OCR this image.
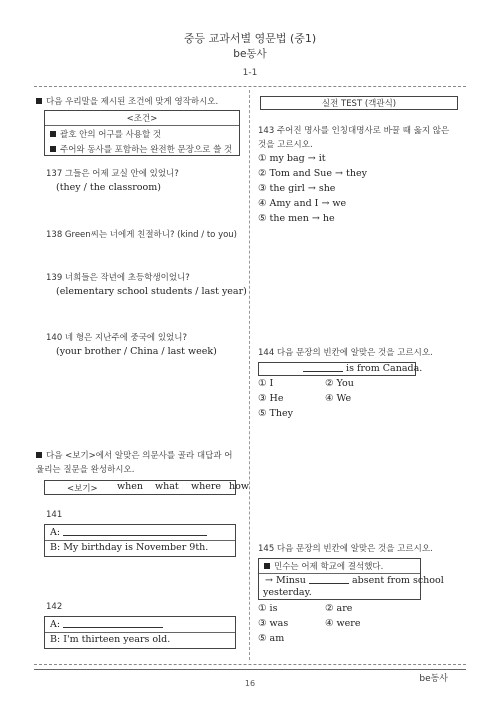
중등 교과서별 영문법 (중1)
be동사
1-1
다음 우리말을 제시된 조건에 맞게 영작하시오.
<조건>
괄호 안의 어구를 사용할 것
주어와 동사를 포함하는 완전한 문장으로 쓸 것
137 그들은 어제 교실 안에 있었니?
(they / the classroom)
138 Green씨는 너에게 친절하니? (kind / to you)
139 너희들은 작년에 초등학생이었니?
(elementary school students / last year)
140 네 형은 지난주에 중국에 있었니?
(your brother / China / last week)
다음 <보기>에서 알맞은 의문사를 골라 대답과 어
울리는 질문을 완성하시오.
<보기> when what where how
141
A:
B: My birthday is November 9th.
142
A:
B: I'm thirteen years old.
실전 TEST (객관식)
143 주어진 명사를 인칭대명사로 바꿀 때 옳지 않은
것을 고르시오.
① my bag → it
② Tom and Sue → they
③ the girl → she
④ Amy and I → we
⑤ the men → he
144 다음 문장의 빈칸에 알맞은 것을 고르시오.
is from Canada.
① I	② You
③ He	④ We
⑤ They
145 다음 문장의 빈칸에 알맞은 것을 고르시오.
민수는 어제 학교에 결석했다.
→ Minsu	absent from school
yesterday.
① is	② are
③ was	④ were
⑤ am
be동사
16
